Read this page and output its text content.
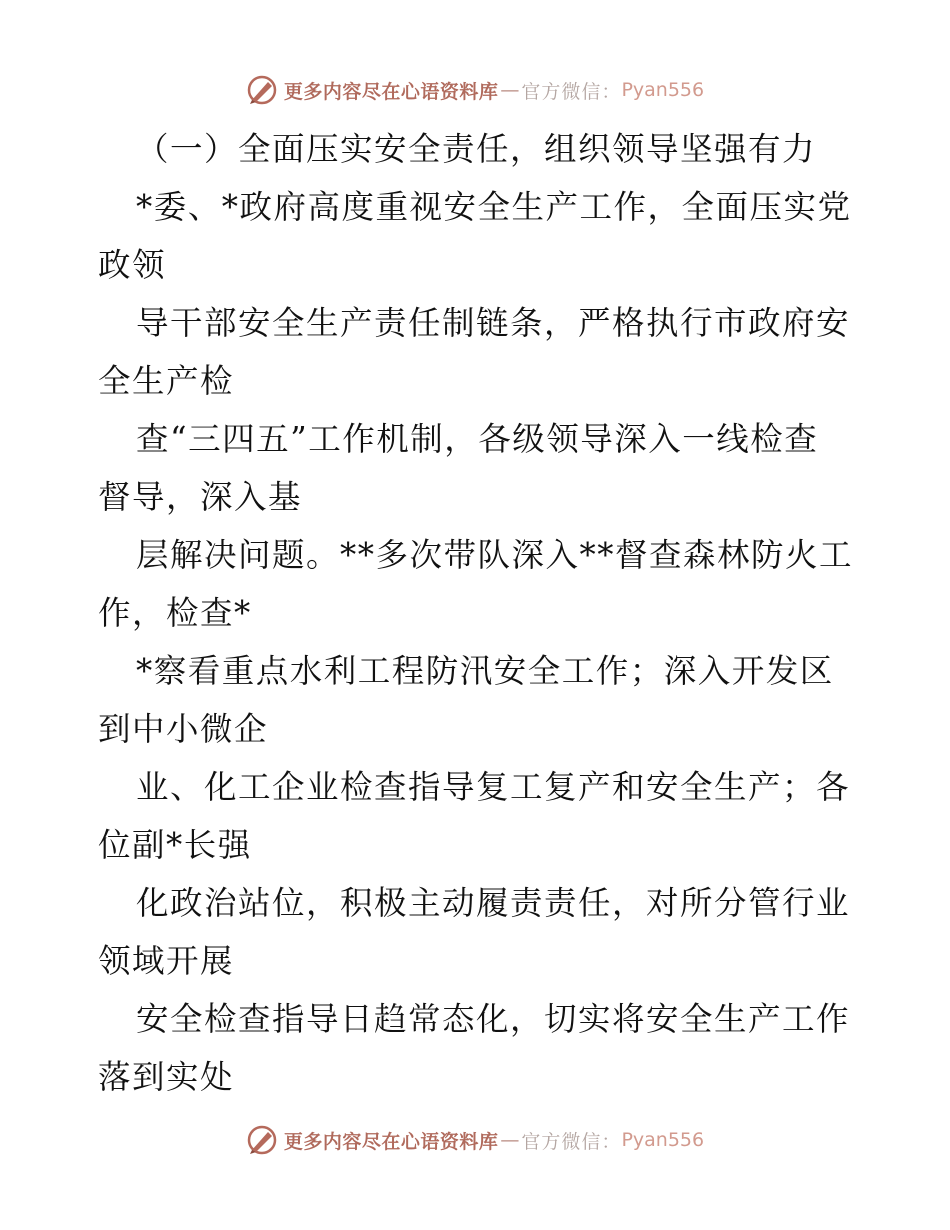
更多内容尽在心语资料库 — 官方微信： Pyan556
（一）全面压实安全责任，组织领导坚强有力
*委、*政府高度重视安全生产工作，全面压实党
政领
导干部安全生产责任制链条，严格执行市政府安
全生产检
查“三四五”工作机制，各级领导深入一线检查
督导，深入基
层解决问题。**多次带队深入**督查森林防火工
作，检查*
*察看重点水利工程防汛安全工作；深入开发区
到中小微企
业、化工企业检查指导复工复产和安全生产；各
位副*长强
化政治站位，积极主动履责责任，对所分管行业
领域开展
安全检查指导日趋常态化，切实将安全生产工作
落到实处
更多内容尽在心语资料库 — 官方微信： Pyan556
